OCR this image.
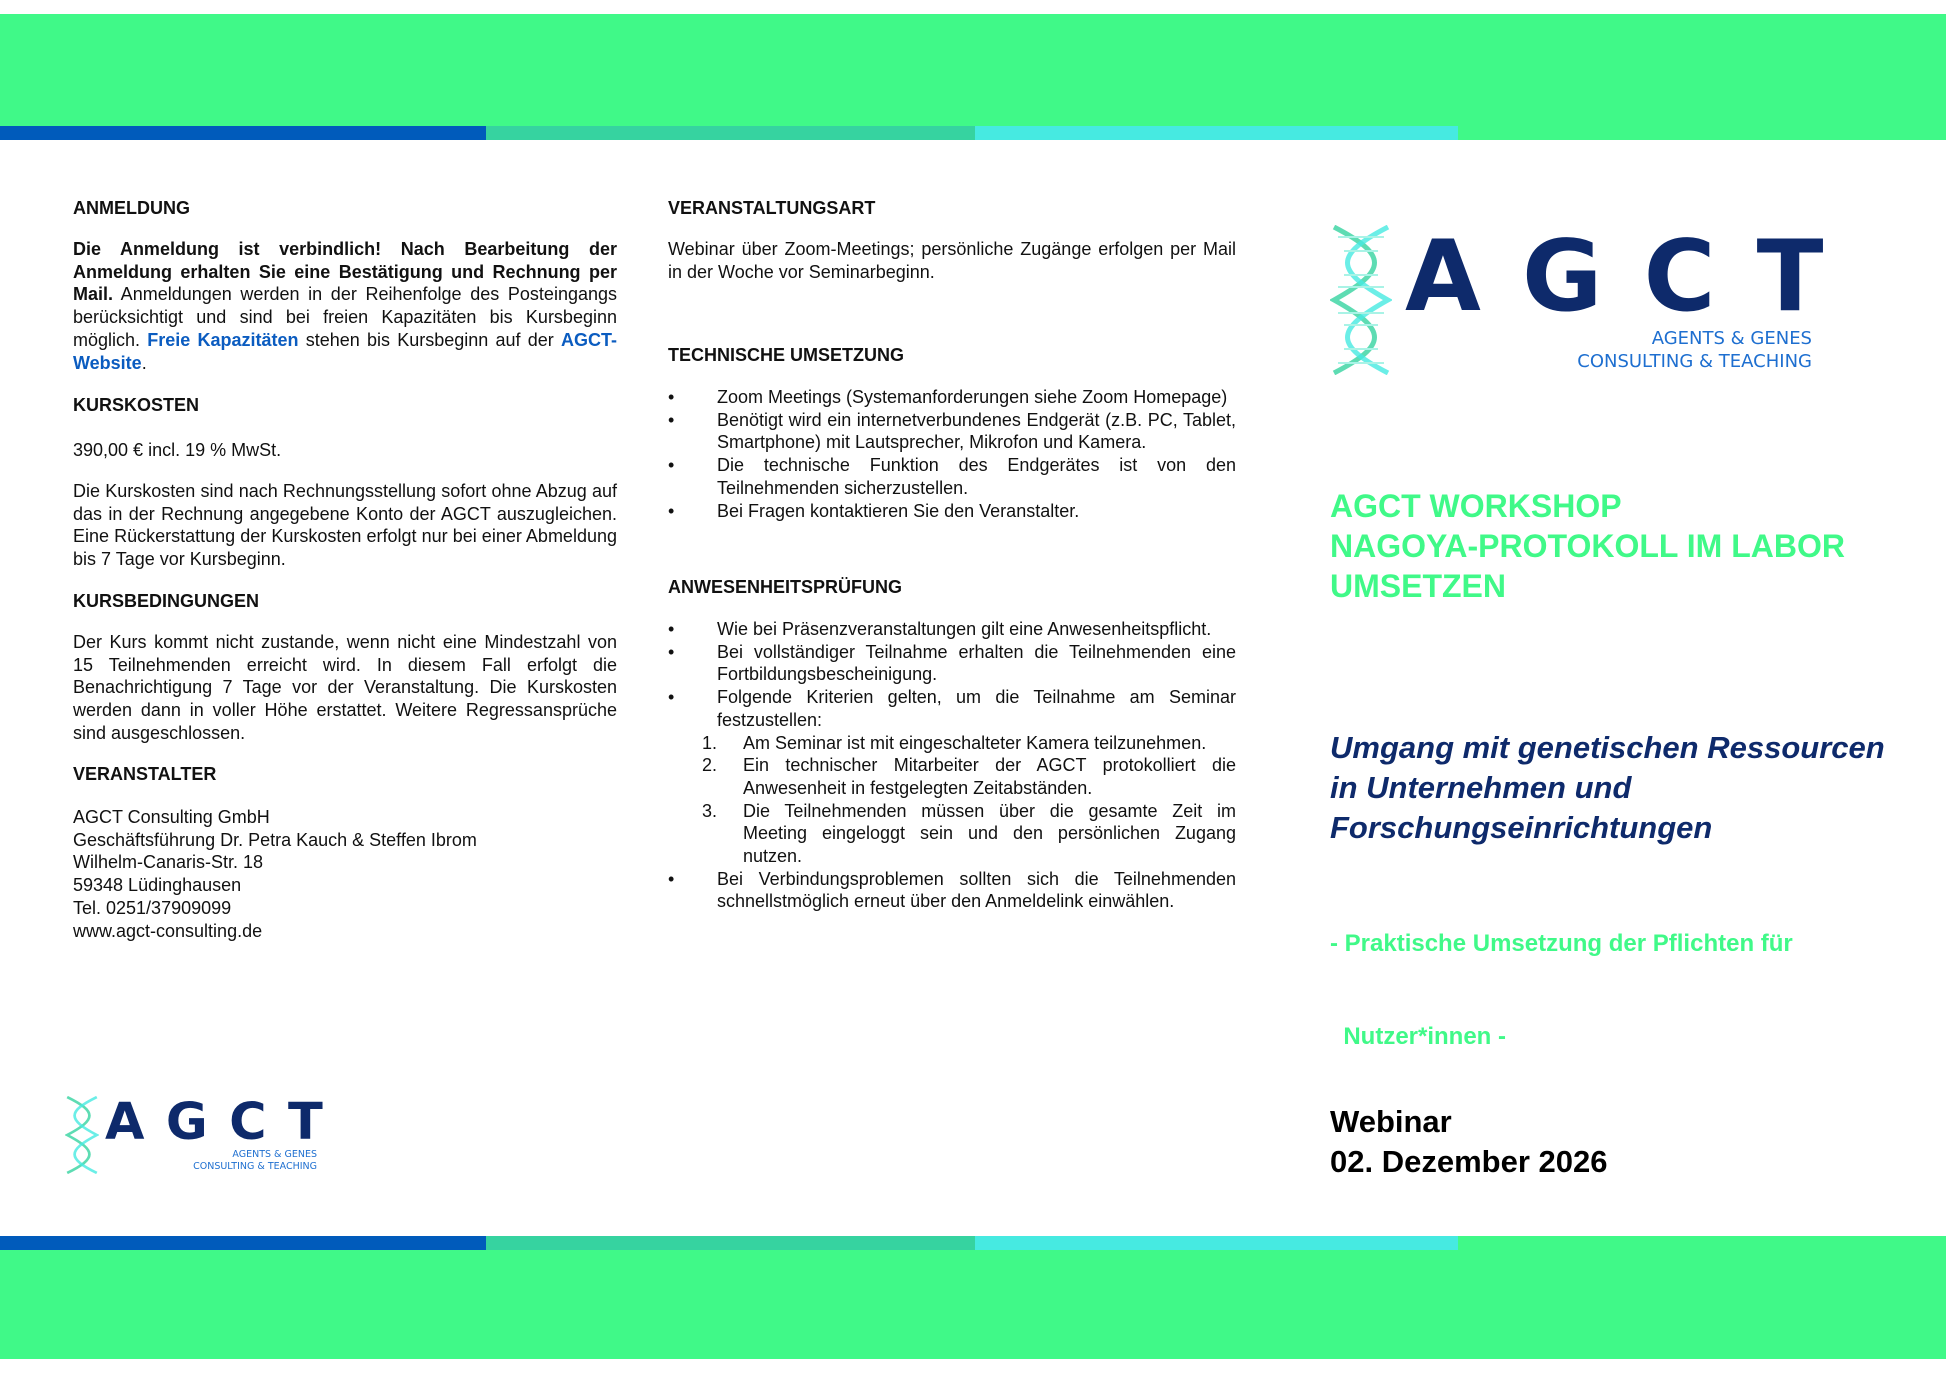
ANMELDUNG
Die Anmeldung ist verbindlich! Nach Bearbeitung der Anmeldung erhalten Sie eine Bestätigung und Rechnung per Mail. Anmeldungen werden in der Reihenfolge des Posteingangs berücksichtigt und sind bei freien Kapazitäten bis Kursbeginn möglich. Freie Kapazitäten stehen bis Kursbeginn auf der AGCT-Website.
KURSKOSTEN
390,00 € incl. 19 % MwSt.
Die Kurskosten sind nach Rechnungsstellung sofort ohne Abzug auf das in der Rechnung angegebene Konto der AGCT auszugleichen. Eine Rückerstattung der Kurskosten erfolgt nur bei einer Abmeldung bis 7 Tage vor Kursbeginn.
KURSBEDINGUNGEN
Der Kurs kommt nicht zustande, wenn nicht eine Mindestzahl von 15 Teilnehmenden erreicht wird. In diesem Fall erfolgt die Benachrichtigung 7 Tage vor der Veranstaltung. Die Kurskosten werden dann in voller Höhe erstattet. Weitere Regressansprüche sind ausgeschlossen.
VERANSTALTER
AGCT Consulting GmbH
Geschäftsführung Dr. Petra Kauch & Steffen Ibrom
Wilhelm-Canaris-Str. 18
59348 Lüdinghausen
Tel. 0251/37909099
www.agct-consulting.de
VERANSTALTUNGSART
Webinar über Zoom-Meetings; persönliche Zugänge erfolgen per Mail in der Woche vor Seminarbeginn.
TECHNISCHE UMSETZUNG
• Zoom Meetings (Systemanforderungen siehe Zoom Homepage)
• Benötigt wird ein internetverbundenes Endgerät (z.B. PC, Tablet, Smartphone) mit Lautsprecher, Mikrofon und Kamera.
• Die technische Funktion des Endgerätes ist von den Teilnehmenden sicherzustellen.
• Bei Fragen kontaktieren Sie den Veranstalter.
ANWESENHEITSPRÜFUNG
• Wie bei Präsenzveranstaltungen gilt eine Anwesenheitspflicht.
• Bei vollständiger Teilnahme erhalten die Teilnehmenden eine Fortbildungsbescheinigung.
• Folgende Kriterien gelten, um die Teilnahme am Seminar festzustellen:
1. Am Seminar ist mit eingeschalteter Kamera teilzunehmen.
2. Ein technischer Mitarbeiter der AGCT protokolliert die Anwesenheit in festgelegten Zeitabständen.
3. Die Teilnehmenden müssen über die gesamte Zeit im Meeting eingeloggt sein und den persönlichen Zugang nutzen.
• Bei Verbindungsproblemen sollten sich die Teilnehmenden schnellstmöglich erneut über den Anmeldelink einwählen.
AGCT
AGENTS & GENES
CONSULTING & TEACHING
AGCT WORKSHOP
NAGOYA-PROTOKOLL IM LABOR
UMSETZEN
Umgang mit genetischen Ressourcen
in Unternehmen und
Forschungseinrichtungen

- Praktische Umsetzung der Pflichten für

Nutzer*innen -

Webinar
02. Dezember 2026
AGCT
AGENTS & GENES
CONSULTING & TEACHING
